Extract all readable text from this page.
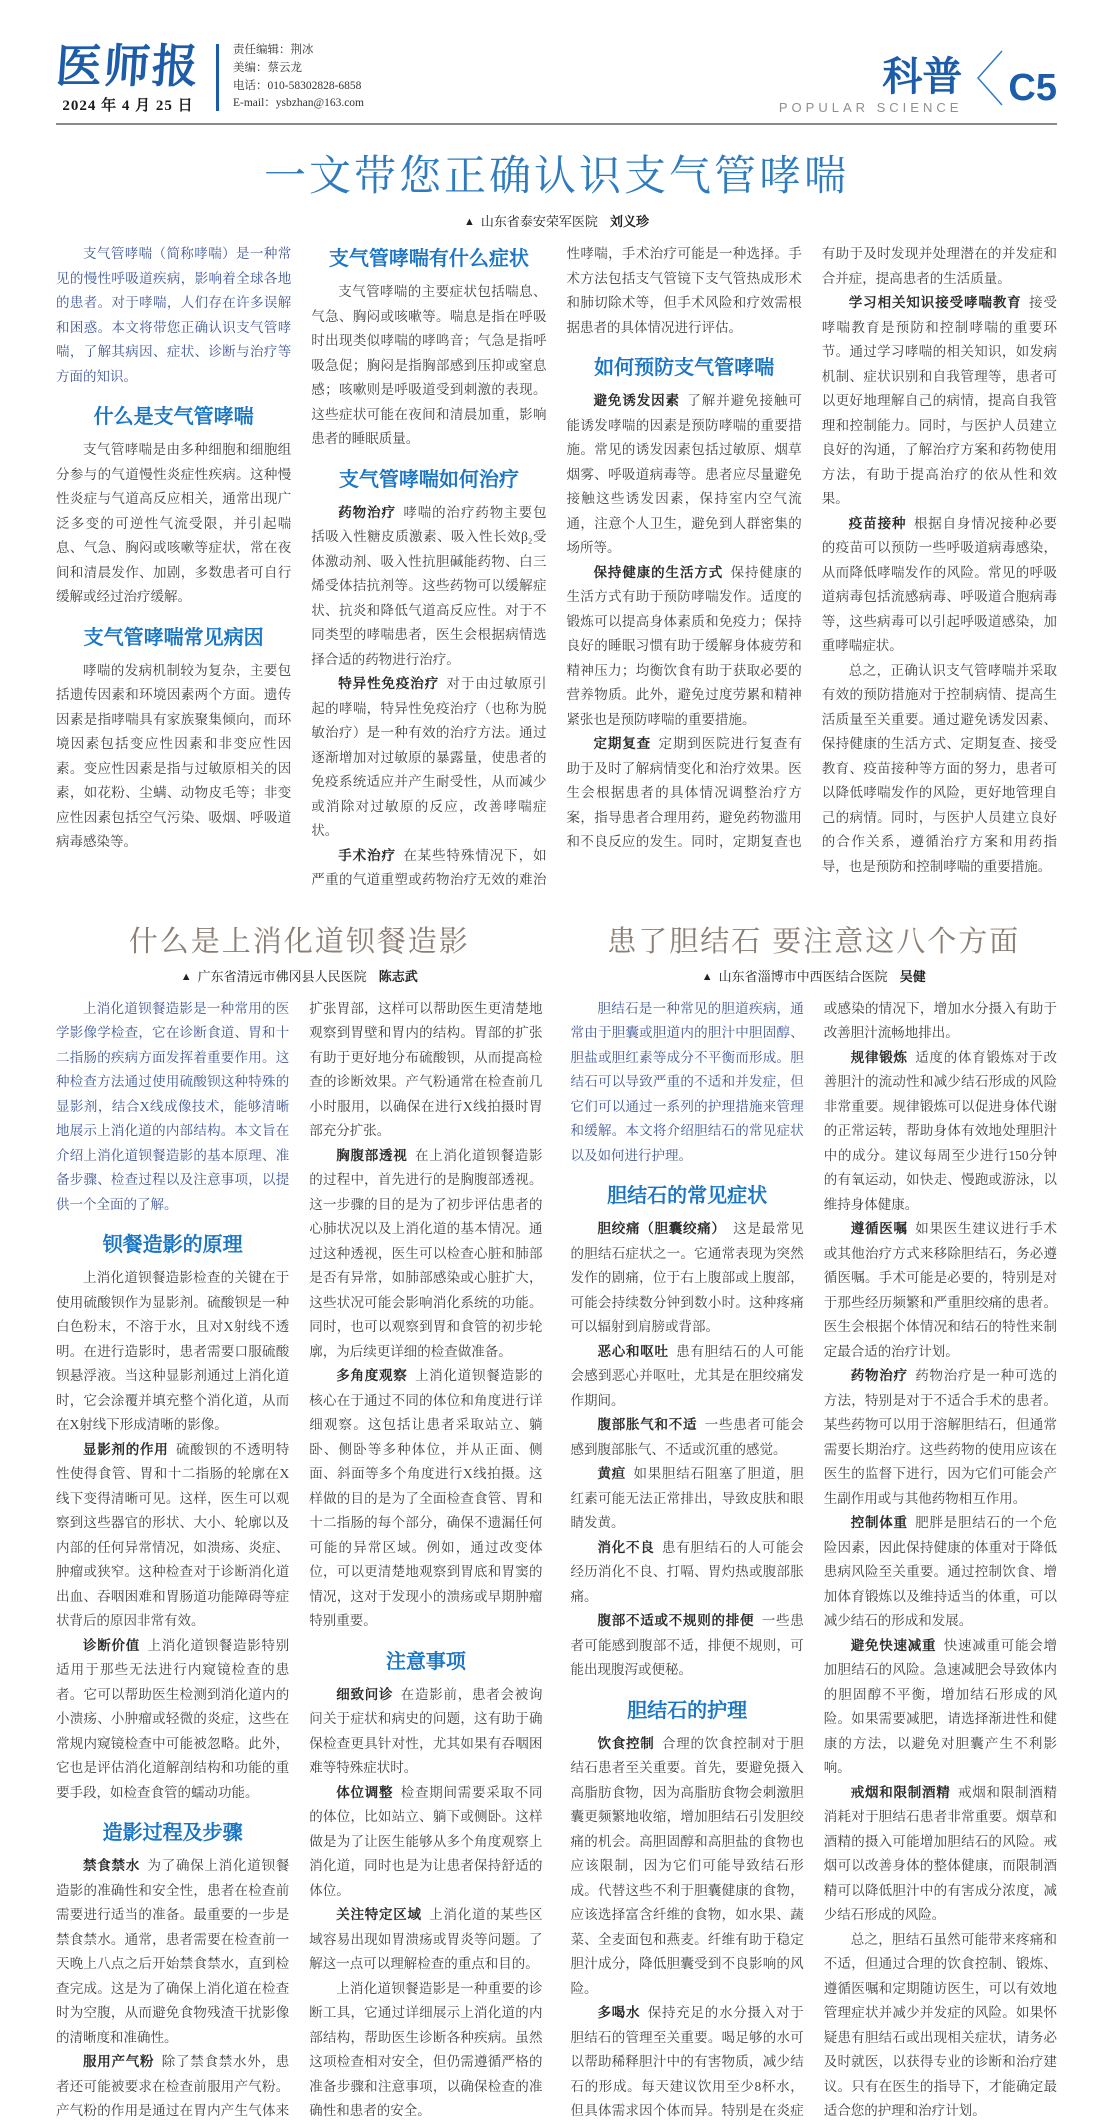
医师报
2024 年 4 月 25 日
责任编辑：荆冰
美编：蔡云龙
电话：010-58302828-6858
E-mail：ysbzhan@163.com
科普
POPULAR SCIENCE C5
一文带您正确认识支气管哮喘
▲ 山东省泰安荣军医院 刘义珍

支气管哮喘（简称哮喘）是一种常见的慢性呼吸道疾病，影响着全球各地的患者。对于哮喘，人们存在许多误解和困惑。本文将带您正确认识支气管哮喘，了解其病因、症状、诊断与治疗等方面的知识。

什么是支气管哮喘

支气管哮喘是由多种细胞和细胞组分参与的气道慢性炎症性疾病。这种慢性炎症与气道高反应相关，通常出现广泛多变的可逆性气流受限，并引起喘息、气急、胸闷或咳嗽等症状，常在夜间和清晨发作、加剧，多数患者可自行缓解或经过治疗缓解。

支气管哮喘常见病因

哮喘的发病机制较为复杂，主要包括遗传因素和环境因素两个方面。遗传因素是指哮喘具有家族聚集倾向，而环境因素包括变应性因素和非变应性因素。变应性因素是指与过敏原相关的因素，如花粉、尘螨、动物皮毛等；非变应性因素包括空气污染、吸烟、呼吸道病毒感染等。

支气管哮喘有什么症状

支气管哮喘的主要症状包括喘息、气急、胸闷或咳嗽等。喘息是指在呼吸时出现类似哮喘的哮鸣音；气急是指呼吸急促；胸闷是指胸部感到压抑或窒息感；咳嗽则是呼吸道受到刺激的表现。这些症状可能在夜间和清晨加重，影响患者的睡眠质量。

支气管哮喘如何治疗

药物治疗 哮喘的治疗药物主要包括吸入性糖皮质激素、吸入性长效β₂受体激动剂、吸入性抗胆碱能药物、白三烯受体拮抗剂等。这些药物可以缓解症状、抗炎和降低气道高反应性。对于不同类型的哮喘患者，医生会根据病情选择合适的药物进行治疗。

特异性免疫治疗 对于由过敏原引起的哮喘，特异性免疫治疗（也称为脱敏治疗）是一种有效的治疗方法。通过逐渐增加对过敏原的暴露量，使患者的免疫系统适应并产生耐受性，从而减少或消除对过敏原的反应，改善哮喘症状。

手术治疗 在某些特殊情况下，如严重的气道重塑或药物治疗无效的难治性哮喘，手术治疗可能是一种选择。手术方法包括支气管镜下支气管热成形术和肺切除术等，但手术风险和疗效需根据患者的具体情况进行评估。

如何预防支气管哮喘

避免诱发因素 了解并避免接触可能诱发哮喘的因素是预防哮喘的重要措施。常见的诱发因素包括过敏原、烟草烟雾、呼吸道病毒等。患者应尽量避免接触这些诱发因素，保持室内空气流通，注意个人卫生，避免到人群密集的场所等。

保持健康的生活方式 保持健康的生活方式有助于预防哮喘发作。适度的锻炼可以提高身体素质和免疫力；保持良好的睡眠习惯有助于缓解身体疲劳和精神压力；均衡饮食有助于获取必要的营养物质。此外，避免过度劳累和精神紧张也是预防哮喘的重要措施。

定期复查 定期到医院进行复查有助于及时了解病情变化和治疗效果。医生会根据患者的具体情况调整治疗方案，指导患者合理用药，避免药物滥用和不良反应的发生。同时，定期复查也有助于及时发现并处理潜在的并发症和合并症，提高患者的生活质量。

学习相关知识接受哮喘教育 接受哮喘教育是预防和控制哮喘的重要环节。通过学习哮喘的相关知识，如发病机制、症状识别和自我管理等，患者可以更好地理解自己的病情，提高自我管理和控制能力。同时，与医护人员建立良好的沟通，了解治疗方案和药物使用方法，有助于提高治疗的依从性和效果。

疫苗接种 根据自身情况接种必要的疫苗可以预防一些呼吸道病毒感染，从而降低哮喘发作的风险。常见的呼吸道病毒包括流感病毒、呼吸道合胞病毒等，这些病毒可以引起呼吸道感染，加重哮喘症状。

总之，正确认识支气管哮喘并采取有效的预防措施对于控制病情、提高生活质量至关重要。通过避免诱发因素、保持健康的生活方式、定期复查、接受教育、疫苗接种等方面的努力，患者可以降低哮喘发作的风险，更好地管理自己的病情。同时，与医护人员建立良好的合作关系，遵循治疗方案和用药指导，也是预防和控制哮喘的重要措施。

什么是上消化道钡餐造影
▲ 广东省清远市佛冈县人民医院 陈志武

上消化道钡餐造影是一种常用的医学影像学检查，它在诊断食道、胃和十二指肠的疾病方面发挥着重要作用。这种检查方法通过使用硫酸钡这种特殊的显影剂，结合X线成像技术，能够清晰地展示上消化道的内部结构。本文旨在介绍上消化道钡餐造影的基本原理、准备步骤、检查过程以及注意事项，以提供一个全面的了解。

钡餐造影的原理

上消化道钡餐造影检查的关键在于使用硫酸钡作为显影剂。硫酸钡是一种白色粉末，不溶于水，且对X射线不透明。在进行造影时，患者需要口服硫酸钡悬浮液。当这种显影剂通过上消化道时，它会涂覆并填充整个消化道，从而在X射线下形成清晰的影像。

显影剂的作用 硫酸钡的不透明特性使得食管、胃和十二指肠的轮廓在X线下变得清晰可见。这样，医生可以观察到这些器官的形状、大小、轮廓以及内部的任何异常情况，如溃疡、炎症、肿瘤或狭窄。这种检查对于诊断消化道出血、吞咽困难和胃肠道功能障碍等症状背后的原因非常有效。

诊断价值 上消化道钡餐造影特别适用于那些无法进行内窥镜检查的患者。它可以帮助医生检测到消化道内的小溃疡、小肿瘤或轻微的炎症，这些在常规内窥镜检查中可能被忽略。此外，它也是评估消化道解剖结构和功能的重要手段，如检查食管的蠕动功能。

造影过程及步骤

禁食禁水 为了确保上消化道钡餐造影的准确性和安全性，患者在检查前需要进行适当的准备。最重要的一步是禁食禁水。通常，患者需要在检查前一天晚上八点之后开始禁食禁水，直到检查完成。这是为了确保上消化道在检查时为空腹，从而避免食物残渣干扰影像的清晰度和准确性。

服用产气粉 除了禁食禁水外，患者还可能被要求在检查前服用产气粉。产气粉的作用是通过在胃内产生气体来扩张胃部，这样可以帮助医生更清楚地观察到胃壁和胃内的结构。胃部的扩张有助于更好地分布硫酸钡，从而提高检查的诊断效果。产气粉通常在检查前几小时服用，以确保在进行X线拍摄时胃部充分扩张。

胸腹部透视 在上消化道钡餐造影的过程中，首先进行的是胸腹部透视。这一步骤的目的是为了初步评估患者的心肺状况以及上消化道的基本情况。通过这种透视，医生可以检查心脏和肺部是否有异常，如肺部感染或心脏扩大，这些状况可能会影响消化系统的功能。同时，也可以观察到胃和食管的初步轮廓，为后续更详细的检查做准备。

多角度观察 上消化道钡餐造影的核心在于通过不同的体位和角度进行详细观察。这包括让患者采取站立、躺卧、侧卧等多种体位，并从正面、侧面、斜面等多个角度进行X线拍摄。这样做的目的是为了全面检查食管、胃和十二指肠的每个部分，确保不遗漏任何可能的异常区域。例如，通过改变体位，可以更清楚地观察到胃底和胃窦的情况，这对于发现小的溃疡或早期肿瘤特别重要。

注意事项

细致问诊 在造影前，患者会被询问关于症状和病史的问题，这有助于确保检查更具针对性，尤其如果有吞咽困难等特殊症状时。

体位调整 检查期间需要采取不同的体位，比如站立、躺下或侧卧。这样做是为了让医生能够从多个角度观察上消化道，同时也是为让患者保持舒适的体位。

关注特定区域 上消化道的某些区域容易出现如胃溃疡或胃炎等问题。了解这一点可以理解检查的重点和目的。

上消化道钡餐造影是一种重要的诊断工具，它通过详细展示上消化道的内部结构，帮助医生诊断各种疾病。虽然这项检查相对安全，但仍需遵循严格的准备步骤和注意事项，以确保检查的准确性和患者的安全。

患了胆结石 要注意这八个方面
▲ 山东省淄博市中西医结合医院 吴健

胆结石是一种常见的胆道疾病，通常由于胆囊或胆道内的胆汁中胆固醇、胆盐或胆红素等成分不平衡而形成。胆结石可以导致严重的不适和并发症，但它们可以通过一系列的护理措施来管理和缓解。本文将介绍胆结石的常见症状以及如何进行护理。

胆结石的常见症状

胆绞痛（胆囊绞痛） 这是最常见的胆结石症状之一。它通常表现为突然发作的剧痛，位于右上腹部或上腹部，可能会持续数分钟到数小时。这种疼痛可以辐射到肩膀或背部。

恶心和呕吐 患有胆结石的人可能会感到恶心并呕吐，尤其是在胆绞痛发作期间。

腹部胀气和不适 一些患者可能会感到腹部胀气、不适或沉重的感觉。

黄疸 如果胆结石阻塞了胆道，胆红素可能无法正常排出，导致皮肤和眼睛发黄。

消化不良 患有胆结石的人可能会经历消化不良、打嗝、胃灼热或腹部胀痛。

腹部不适或不规则的排便 一些患者可能感到腹部不适，排便不规则，可能出现腹泻或便秘。

胆结石的护理

饮食控制 合理的饮食控制对于胆结石患者至关重要。首先，要避免摄入高脂肪食物，因为高脂肪食物会刺激胆囊更频繁地收缩，增加胆结石引发胆绞痛的机会。高胆固醇和高胆盐的食物也应该限制，因为它们可能导致结石形成。代替这些不利于胆囊健康的食物，应该选择富含纤维的食物，如水果、蔬菜、全麦面包和燕麦。纤维有助于稳定胆汁成分，降低胆囊受到不良影响的风险。

多喝水 保持充足的水分摄入对于胆结石的管理至关重要。喝足够的水可以帮助稀释胆汁中的有害物质，减少结石的形成。每天建议饮用至少8杯水，但具体需求因个体而异。特别是在炎症或感染的情况下，增加水分摄入有助于改善胆汁流畅地排出。

规律锻炼 适度的体育锻炼对于改善胆汁的流动性和减少结石形成的风险非常重要。规律锻炼可以促进身体代谢的正常运转，帮助身体有效地处理胆汁中的成分。建议每周至少进行150分钟的有氧运动，如快走、慢跑或游泳，以维持身体健康。

遵循医嘱 如果医生建议进行手术或其他治疗方式来移除胆结石，务必遵循医嘱。手术可能是必要的，特别是对于那些经历频繁和严重胆绞痛的患者。医生会根据个体情况和结石的特性来制定最合适的治疗计划。

药物治疗 药物治疗是一种可选的方法，特别是对于不适合手术的患者。某些药物可以用于溶解胆结石，但通常需要长期治疗。这些药物的使用应该在医生的监督下进行，因为它们可能会产生副作用或与其他药物相互作用。

控制体重 肥胖是胆结石的一个危险因素，因此保持健康的体重对于降低患病风险至关重要。通过控制饮食、增加体育锻炼以及维持适当的体重，可以减少结石的形成和发展。

避免快速减重 快速减重可能会增加胆结石的风险。急速减肥会导致体内的胆固醇不平衡，增加结石形成的风险。如果需要减肥，请选择渐进性和健康的方法，以避免对胆囊产生不利影响。

戒烟和限制酒精 戒烟和限制酒精消耗对于胆结石患者非常重要。烟草和酒精的摄入可能增加胆结石的风险。戒烟可以改善身体的整体健康，而限制酒精可以降低胆汁中的有害成分浓度，减少结石形成的风险。

总之，胆结石虽然可能带来疼痛和不适，但通过合理的饮食控制、锻炼、遵循医嘱和定期随访医生，可以有效地管理症状并减少并发症的风险。如果怀疑患有胆结石或出现相关症状，请务必及时就医，以获得专业的诊断和治疗建议。只有在医生的指导下，才能确定最适合您的护理和治疗计划。
